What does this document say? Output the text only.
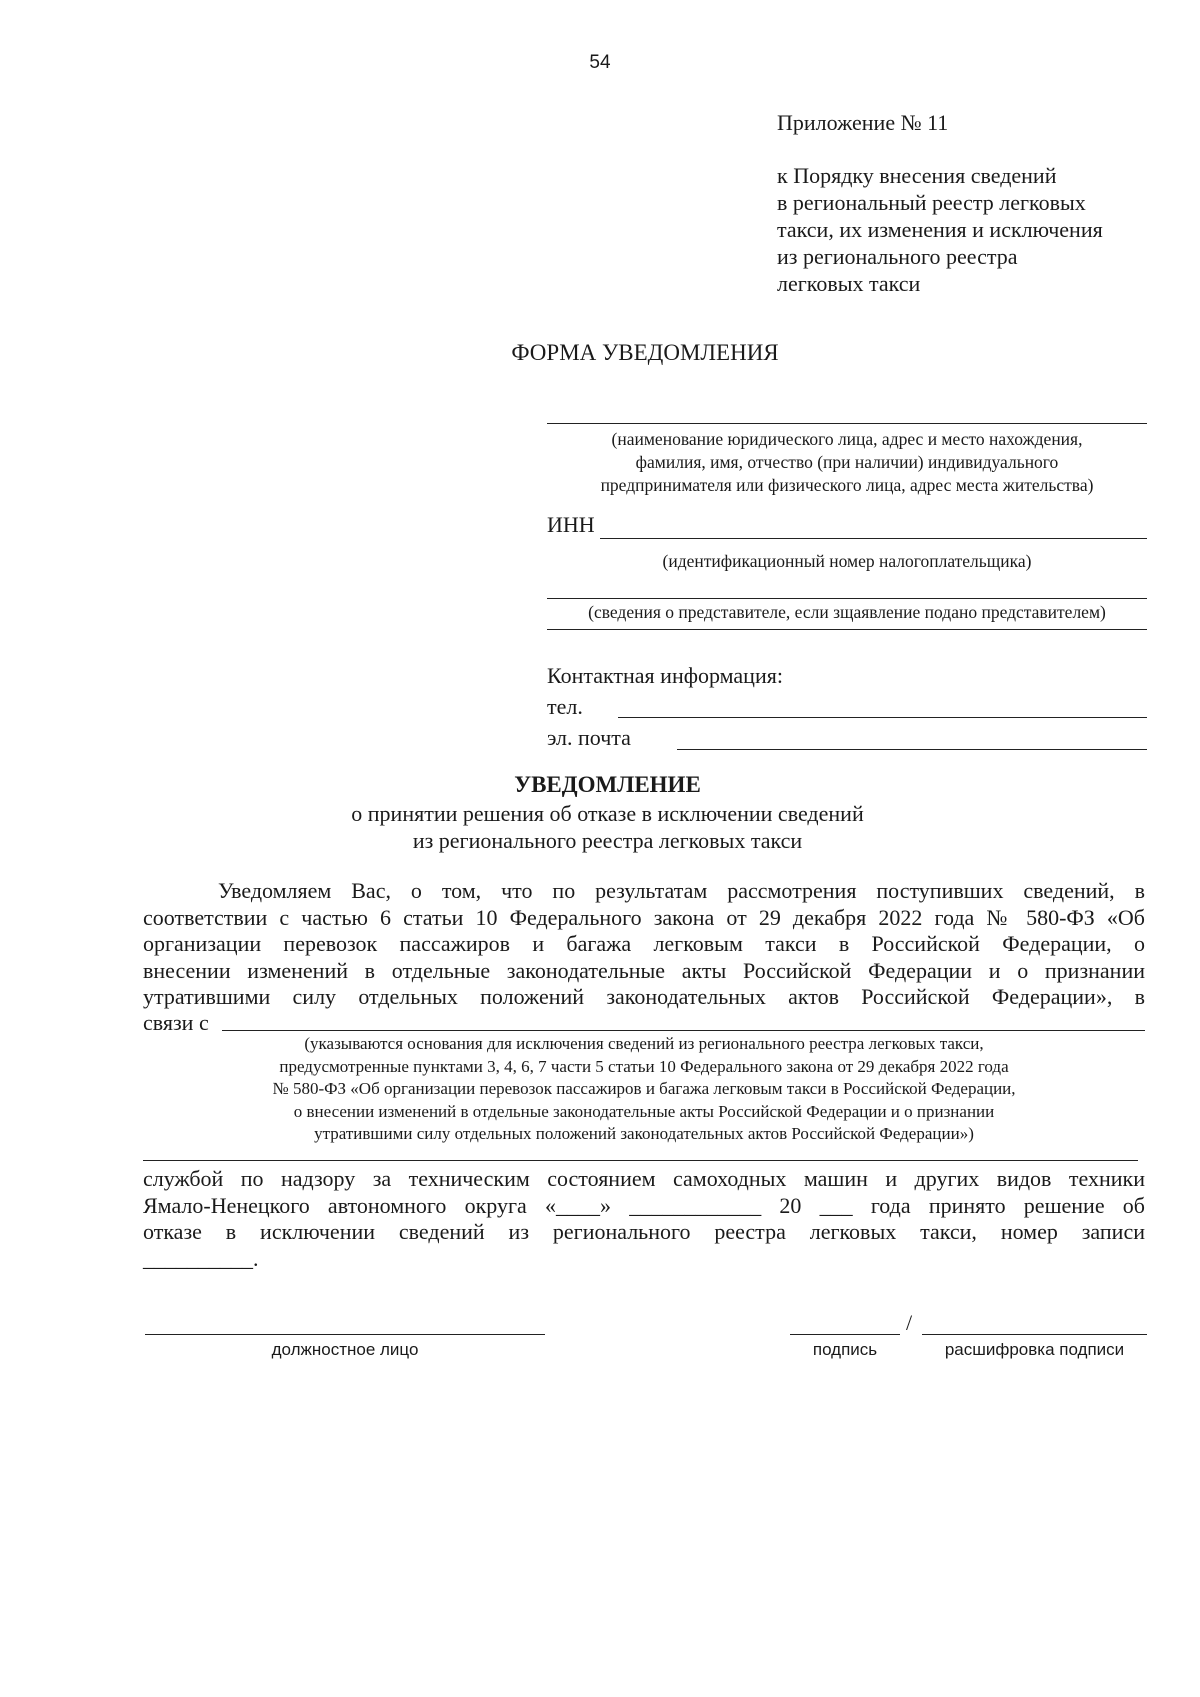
54
Приложение № 11
к Порядку внесения сведений
в региональный реестр легковых
такси, их изменения и исключения
из регионального реестра
легковых такси
ФОРМА УВЕДОМЛЕНИЯ
(наименование юридического лица, адрес и место нахождения,
фамилия, имя, отчество (при наличии) индивидуального
предпринимателя или физического лица, адрес места жительства)
ИНН
(идентификационный номер налогоплательщика)
(сведения о представителе, если зщаявление подано представителем)
Контактная информация:
тел.
эл. почта
УВЕДОМЛЕНИЕ
о принятии решения об отказе в исключении сведений
из регионального реестра легковых такси
Уведомляем Вас, о том, что по результатам рассмотрения поступивших сведений, в
соответствии с частью 6 статьи 10 Федерального закона от 29 декабря 2022 года № 580-ФЗ «Об
организации перевозок пассажиров и багажа легковым такси в Российской Федерации, о
внесении изменений в отдельные законодательные акты Российской Федерации и о признании
утратившими силу отдельных положений законодательных актов Российской Федерации», в
связи с
(указываются основания для исключения сведений из регионального реестра легковых такси,
предусмотренные пунктами 3, 4, 6, 7 части 5 статьи 10 Федерального закона от 29 декабря 2022 года
№ 580-ФЗ «Об организации перевозок пассажиров и багажа легковым такси в Российской Федерации,
о внесении изменений в отдельные законодательные акты Российской Федерации и о признании
утратившими силу отдельных положений законодательных актов Российской Федерации»)
службой по надзору за техническим состоянием самоходных машин и других видов техники
Ямало-Ненецкого автономного округа «____» ____________ 20 ___ года принято решение об
отказе в исключении сведений из регионального реестра легковых такси, номер записи
__________.
должностное лицо
/
подпись	расшифровка подписи
